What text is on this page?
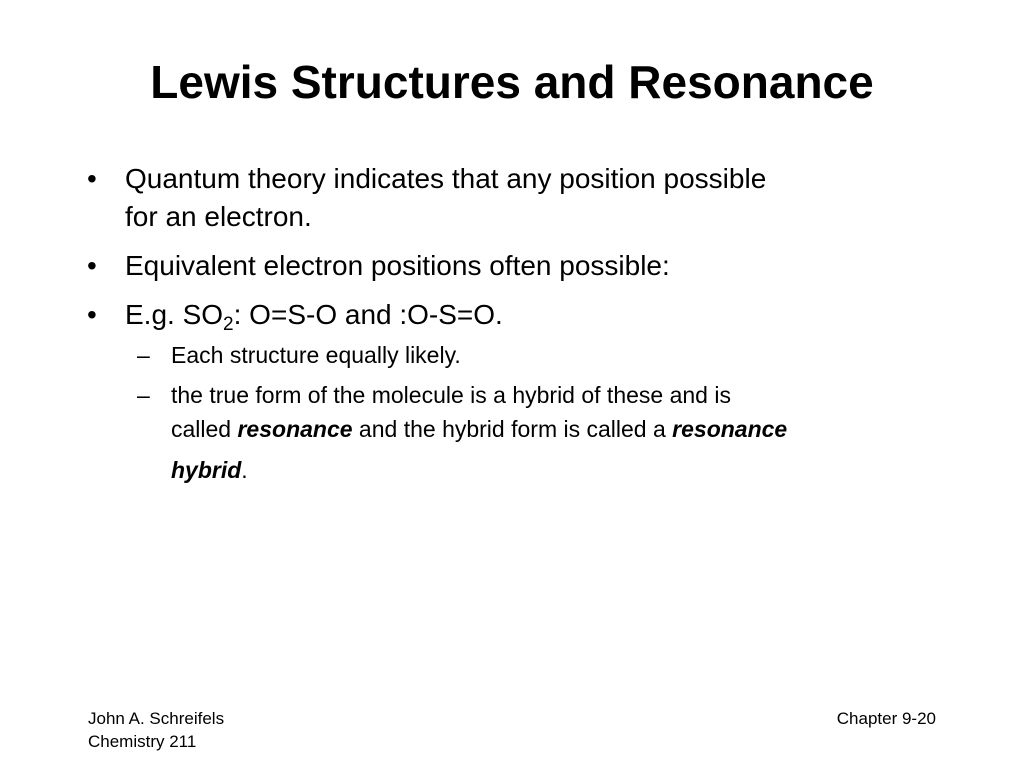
Lewis Structures and Resonance
• Quantum theory indicates that any position possible
for an electron.
• Equivalent electron positions often possible:
• E.g. $SO_2$: O=S-O and :O-S=O.
– Each structure equally likely.
– the true form of the molecule is a hybrid of these and is
called resonance and the hybrid form is called a resonance
hybrid.
John A. Schreifels
Chemistry 211
Chapter 9-20
